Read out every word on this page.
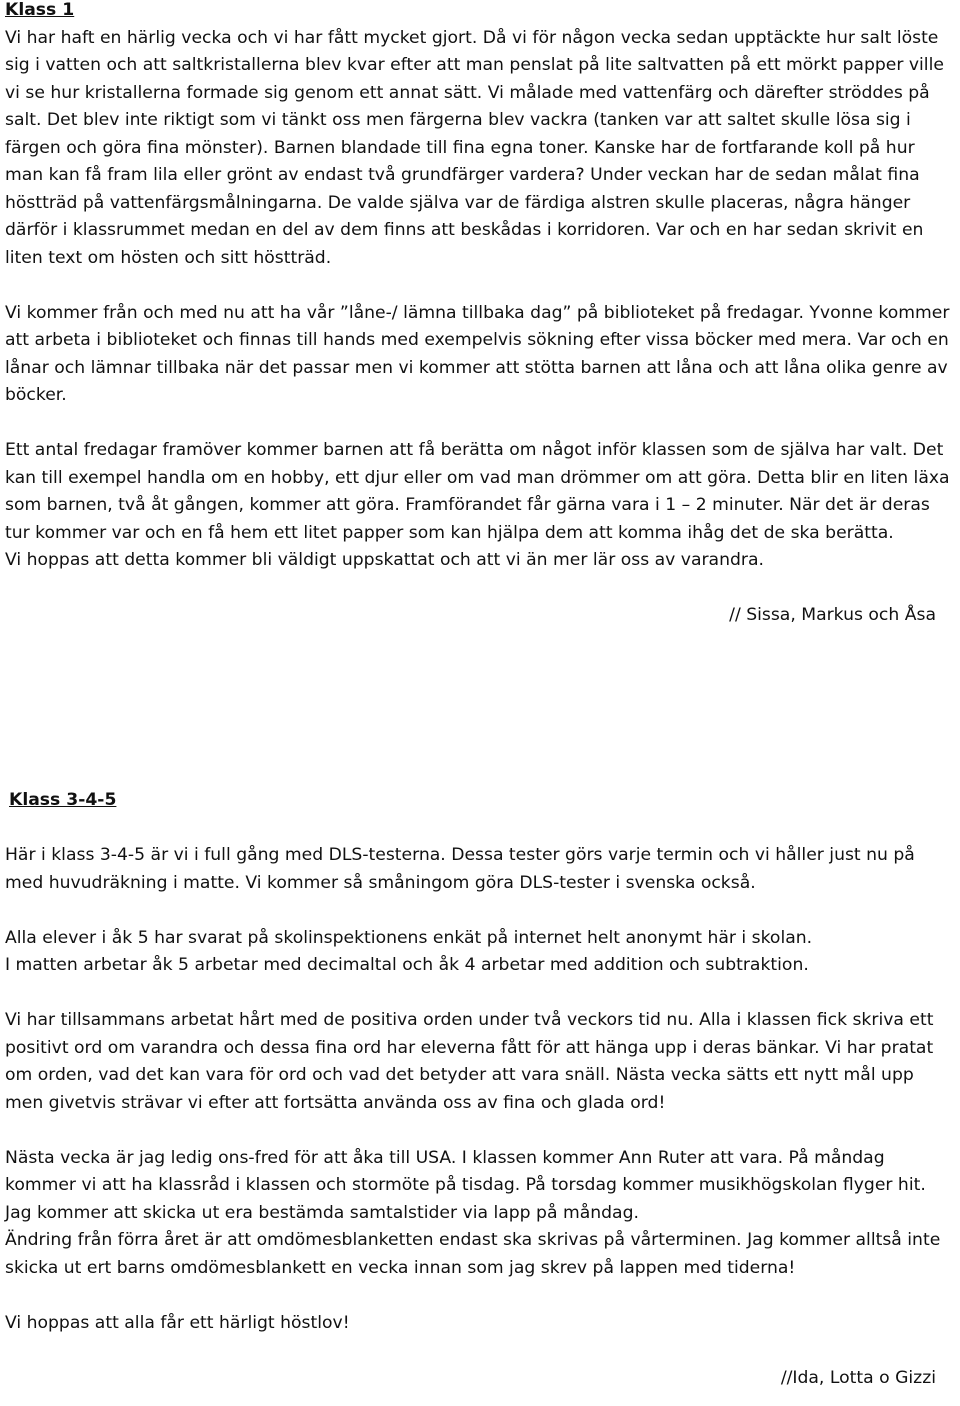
Klass 1

Vi har haft en härlig vecka och vi har fått mycket gjort. Då vi för någon vecka sedan upptäckte hur salt löste sig i vatten och att saltkristallerna blev kvar efter att man penslat på lite saltvatten på ett mörkt papper ville vi se hur kristallerna formade sig genom ett annat sätt. Vi målade med vattenfärg och därefter ströddes på salt. Det blev inte riktigt som vi tänkt oss men färgerna blev vackra (tanken var att saltet skulle lösa sig i färgen och göra fina mönster). Barnen blandade till fina egna toner. Kanske har de fortfarande koll på hur man kan få fram lila eller grönt av endast två grundfärger vardera? Under veckan har de sedan målat fina höstträd på vattenfärgsmålningarna. De valde själva var de färdiga alstren skulle placeras, några hänger därför i klassrummet medan en del av dem finns att beskådas i korridoren. Var och en har sedan skrivit en liten text om hösten och sitt höstträd.

Vi kommer från och med nu att ha vår ”låne-/ lämna tillbaka dag” på biblioteket på fredagar. Yvonne kommer att arbeta i biblioteket och finnas till hands med exempelvis sökning efter vissa böcker med mera. Var och en lånar och lämnar tillbaka när det passar men vi kommer att stötta barnen att låna och att låna olika genre av böcker.

Ett antal fredagar framöver kommer barnen att få berätta om något inför klassen som de själva har valt. Det kan till exempel handla om en hobby, ett djur eller om vad man drömmer om att göra. Detta blir en liten läxa som barnen, två åt gången, kommer att göra. Framförandet får gärna vara i 1 – 2 minuter. När det är deras tur kommer var och en få hem ett litet papper som kan hjälpa dem att komma ihåg det de ska berätta.

Vi hoppas att detta kommer bli väldigt uppskattat och att vi än mer lär oss av varandra.

// Sissa, Markus och Åsa

Klass 3-4-5

Här i klass 3-4-5 är vi i full gång med DLS-testerna. Dessa tester görs varje termin och vi håller just nu på med huvudräkning i matte. Vi kommer så småningom göra DLS-tester i svenska också.

Alla elever i åk 5 har svarat på skolinspektionens enkät på internet helt anonymt här i skolan.

I matten arbetar åk 5 arbetar med decimaltal och åk 4 arbetar med addition och subtraktion.

Vi har tillsammans arbetat hårt med de positiva orden under två veckors tid nu. Alla i klassen fick skriva ett positivt ord om varandra och dessa fina ord har eleverna fått för att hänga upp i deras bänkar. Vi har pratat om orden, vad det kan vara för ord och vad det betyder att vara snäll. Nästa vecka sätts ett nytt mål upp men givetvis strävar vi efter att fortsätta använda oss av fina och glada ord!

Nästa vecka är jag ledig ons-fred för att åka till USA. I klassen kommer Ann Ruter att vara. På måndag kommer vi att ha klassråd i klassen och stormöte på tisdag. På torsdag kommer musikhögskolan flyger hit. Jag kommer att skicka ut era bestämda samtalstider via lapp på måndag.

Ändring från förra året är att omdömesblanketten endast ska skrivas på vårterminen. Jag kommer alltså inte skicka ut ert barns omdömesblankett en vecka innan som jag skrev på lappen med tiderna!

Vi hoppas att alla får ett härligt höstlov!

//Ida, Lotta o Gizzi
